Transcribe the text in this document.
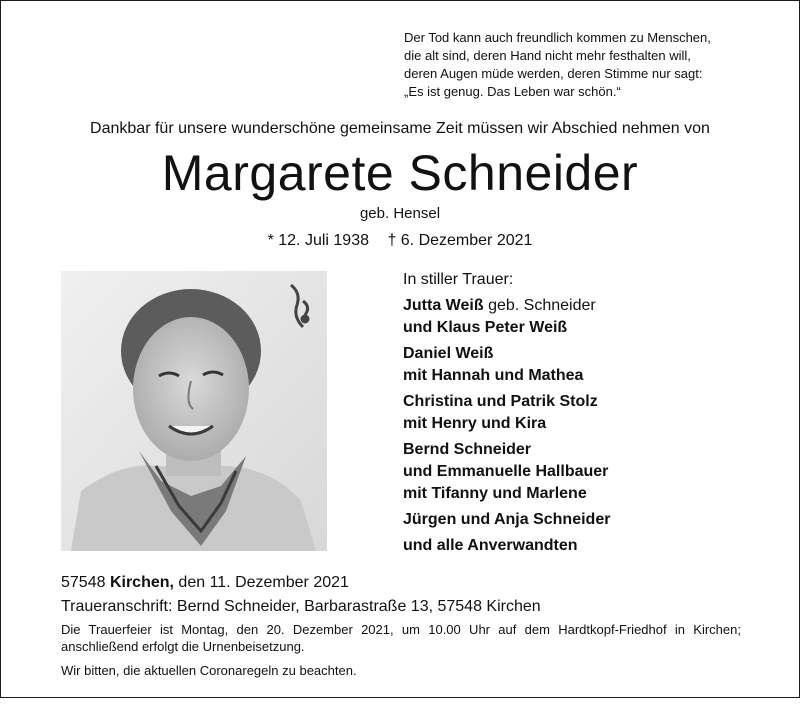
Der Tod kann auch freundlich kommen zu Menschen,
die alt sind, deren Hand nicht mehr festhalten will,
deren Augen müde werden, deren Stimme nur sagt:
„Es ist genug. Das Leben war schön.“
Dankbar für unsere wunderschöne gemeinsame Zeit müssen wir Abschied nehmen von
Margarete Schneider
geb. Hensel
* 12. Juli 1938 † 6. Dezember 2021
In stiller Trauer:
Jutta Weiß geb. Schneider
und Klaus Peter Weiß
Daniel Weiß
mit Hannah und Mathea
Christina und Patrik Stolz
mit Henry und Kira
Bernd Schneider
und Emmanuelle Hallbauer
mit Tifanny und Marlene
Jürgen und Anja Schneider
und alle Anverwandten
57548 Kirchen, den 11. Dezember 2021
Traueranschrift: Bernd Schneider, Barbarastraße 13, 57548 Kirchen
Die Trauerfeier ist Montag, den 20. Dezember 2021, um 10.00 Uhr auf dem Hardtkopf-Friedhof in Kirchen; anschließend erfolgt die Urnenbeisetzung.
Wir bitten, die aktuellen Coronaregeln zu beachten.
